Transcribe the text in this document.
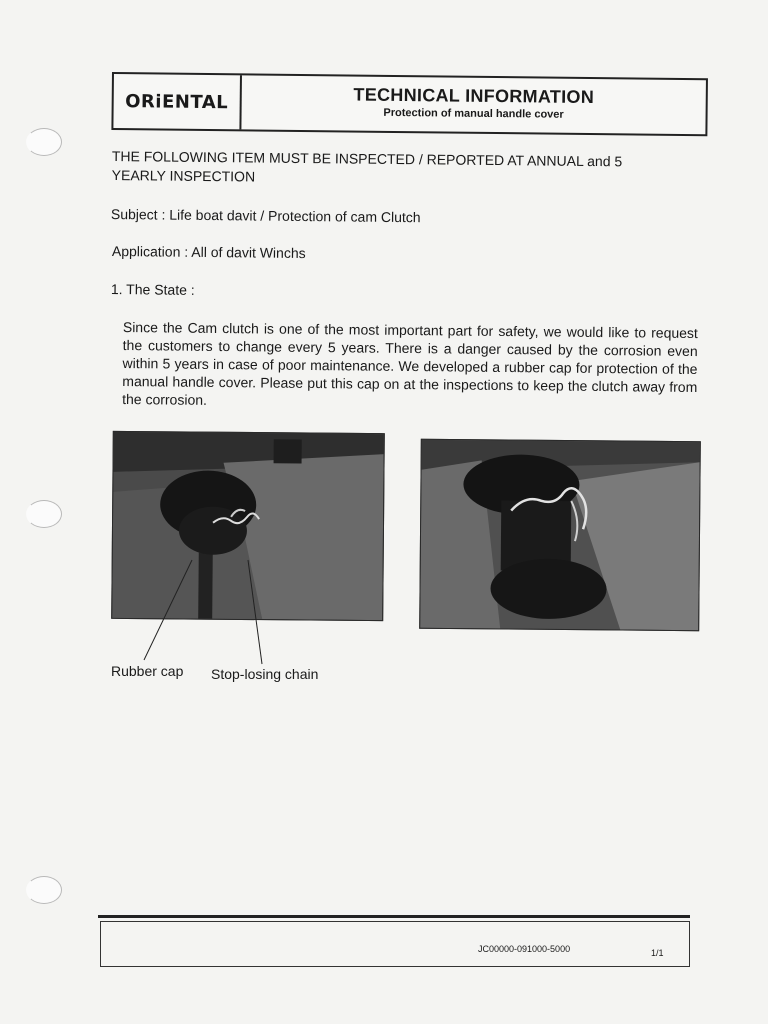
ORiENTAL	TECHNICAL INFORMATION
Protection of manual handle cover
THE FOLLOWING ITEM MUST BE INSPECTED / REPORTED AT ANNUAL and 5 YEARLY INSPECTION
Subject : Life boat davit / Protection of cam Clutch
Application : All of davit Winchs
1. The State :
Since the Cam clutch is one of the most important part for safety, we would like to request the customers to change every 5 years. There is a danger caused by the corrosion even within 5 years in case of poor maintenance. We developed a rubber cap for protection of the manual handle cover. Please put this cap on at the inspections to keep the clutch away from the corrosion.
Rubber cap Stop-losing chain
JC00000-091000-5000	1/1
